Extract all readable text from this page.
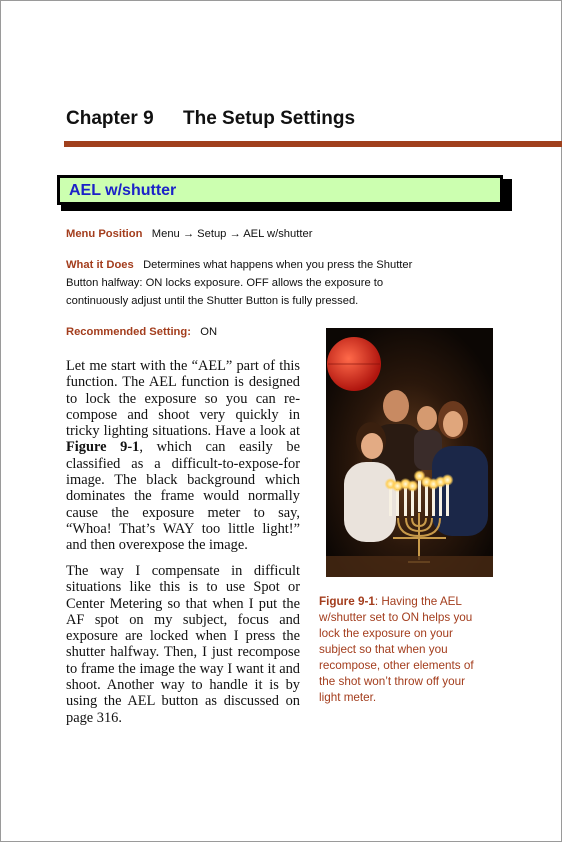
Chapter 9 The Setup Settings
AEL w/shutter
Menu Position Menu → Setup → AEL w/shutter
What it Does Determines what happens when you press the Shutter
Button halfway: ON locks exposure. OFF allows the exposure to
continuously adjust until the Shutter Button is fully pressed.
Recommended Setting: ON

Let me start with the “AEL” part of this function. The AEL function is designed to lock the exposure so you can re-compose and shoot very quickly in tricky lighting situations. Have a look at Figure 9-1, which can easily be classified as a difficult-to-expose-for image. The black background which dominates the frame would normally cause the exposure meter to say, “Whoa! That’s WAY too little light!” and then overexpose the image.

The way I compensate in difficult situations like this is to use Spot or Center Metering so that when I put the AF spot on my subject, focus and exposure are locked when I press the shutter halfway. Then, I just recompose to frame the image the way I want it and shoot. Another way to handle it is by using the AEL button as discussed on page 316.

Figure 9-1: Having the AEL w/shutter set to ON helps you lock the exposure on your subject so that when you recompose, other elements of the shot won’t throw off your light meter.
